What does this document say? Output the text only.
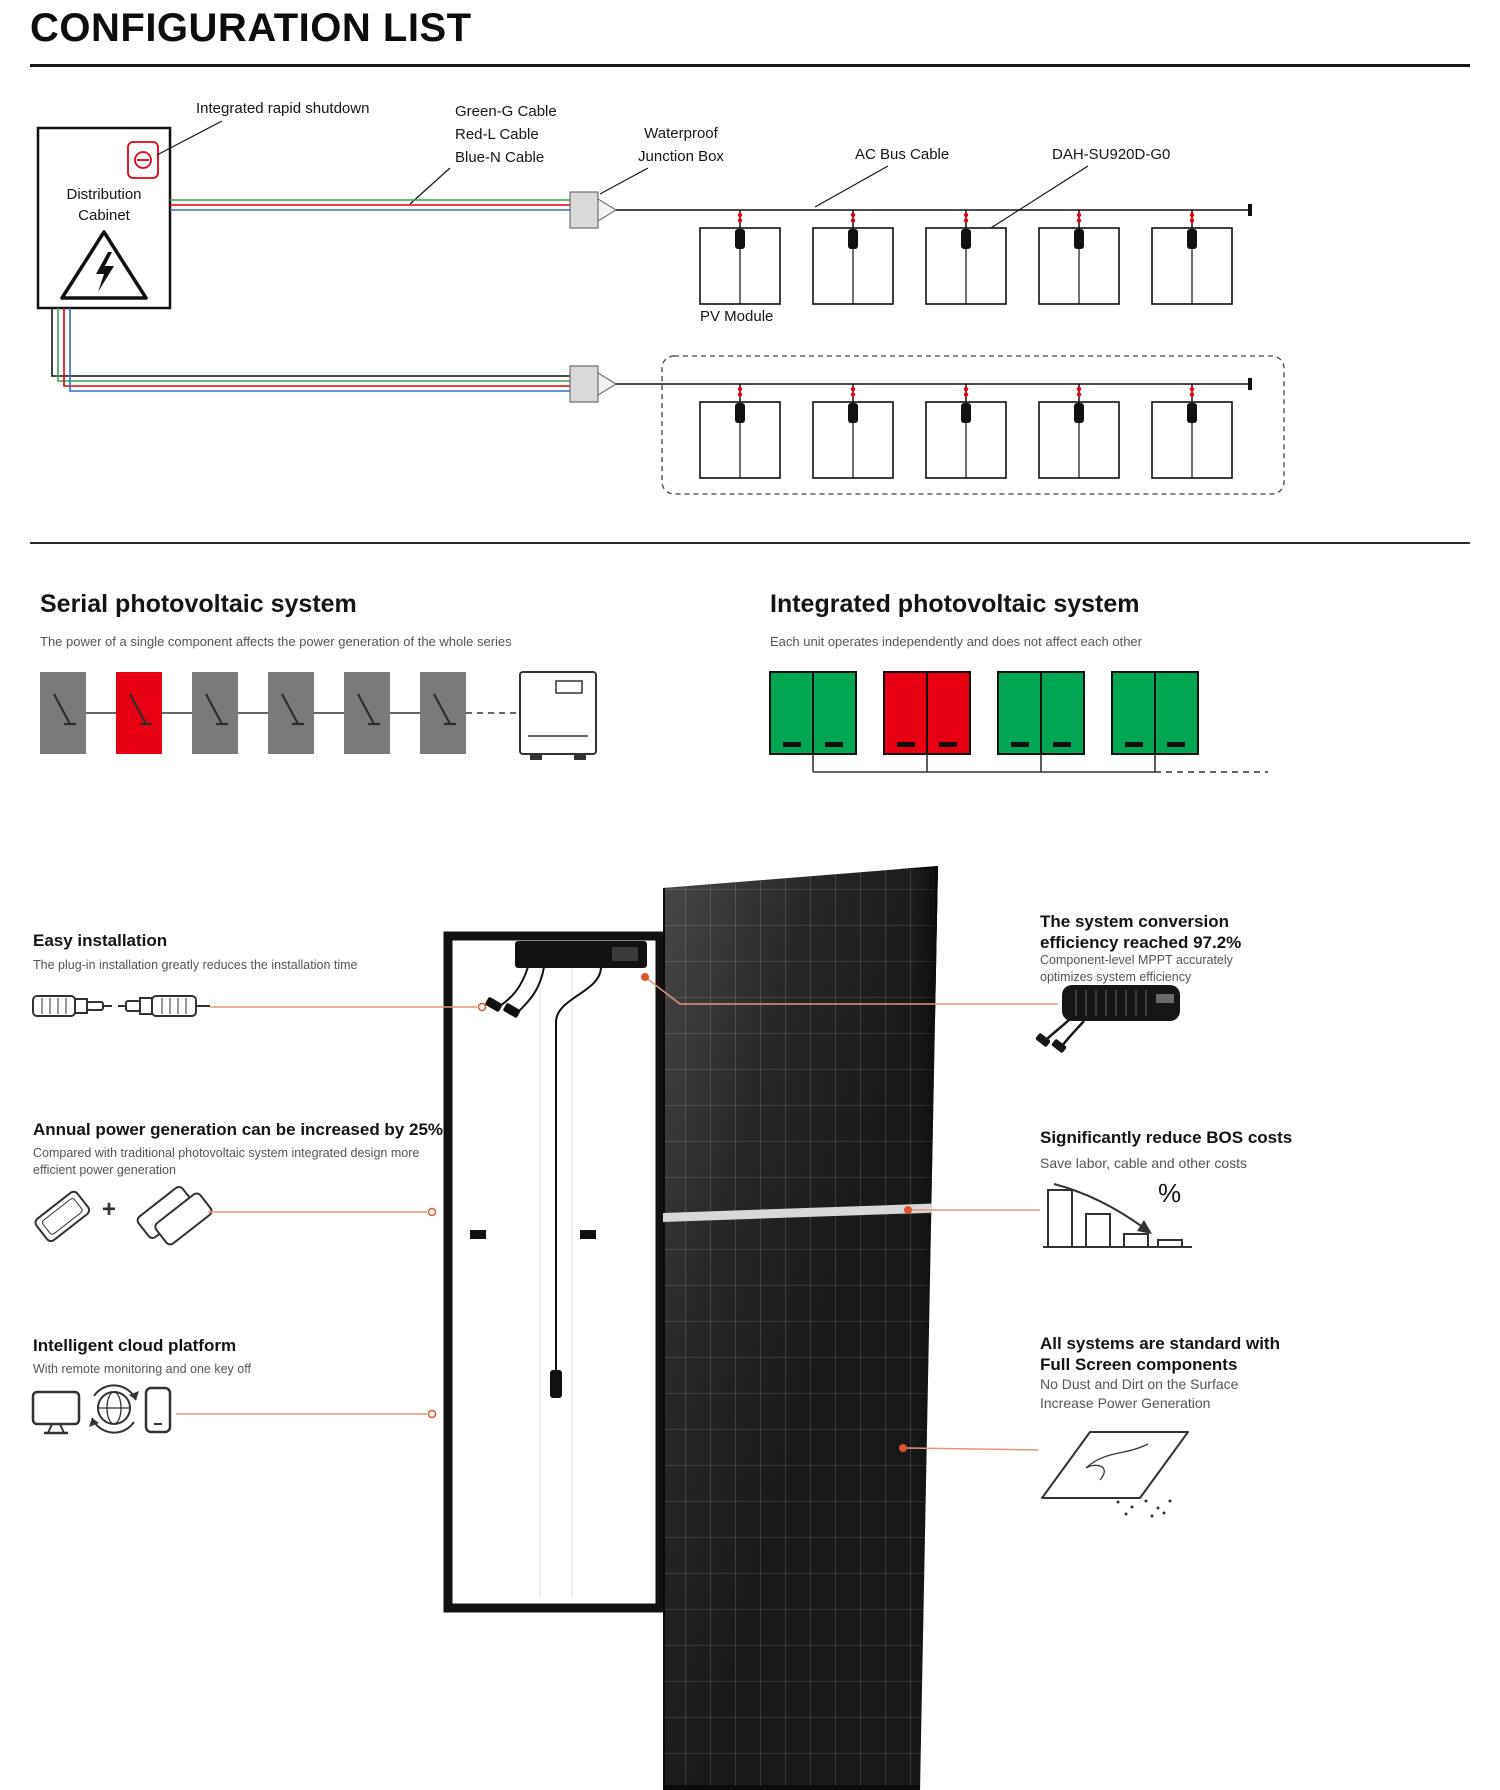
CONFIGURATION LIST
Integrated rapid shutdown	Green-G Cable
Red-L Cable
Blue-N Cable
Waterproof
Junction Box	AC Bus Cable	DAH-SU920D-G0
Distribution
Cabinet
PV Module
Serial photovoltaic system
The power of a single component affects the power generation of the whole series
Integrated photovoltaic system
Each unit operates independently and does not affect each other
Easy installation
The plug-in installation greatly reduces the installation time
Annual power generation can be increased by 25%
Compared with traditional photovoltaic system integrated design more efficient power generation
+
Intelligent cloud platform
With remote monitoring and one key off
The system conversion efficiency reached 97.2%
Component-level MPPT accurately optimizes system efficiency
Significantly reduce BOS costs
Save labor, cable and other costs
%
All systems are standard with Full Screen components
No Dust and Dirt on the Surface Increase Power Generation
